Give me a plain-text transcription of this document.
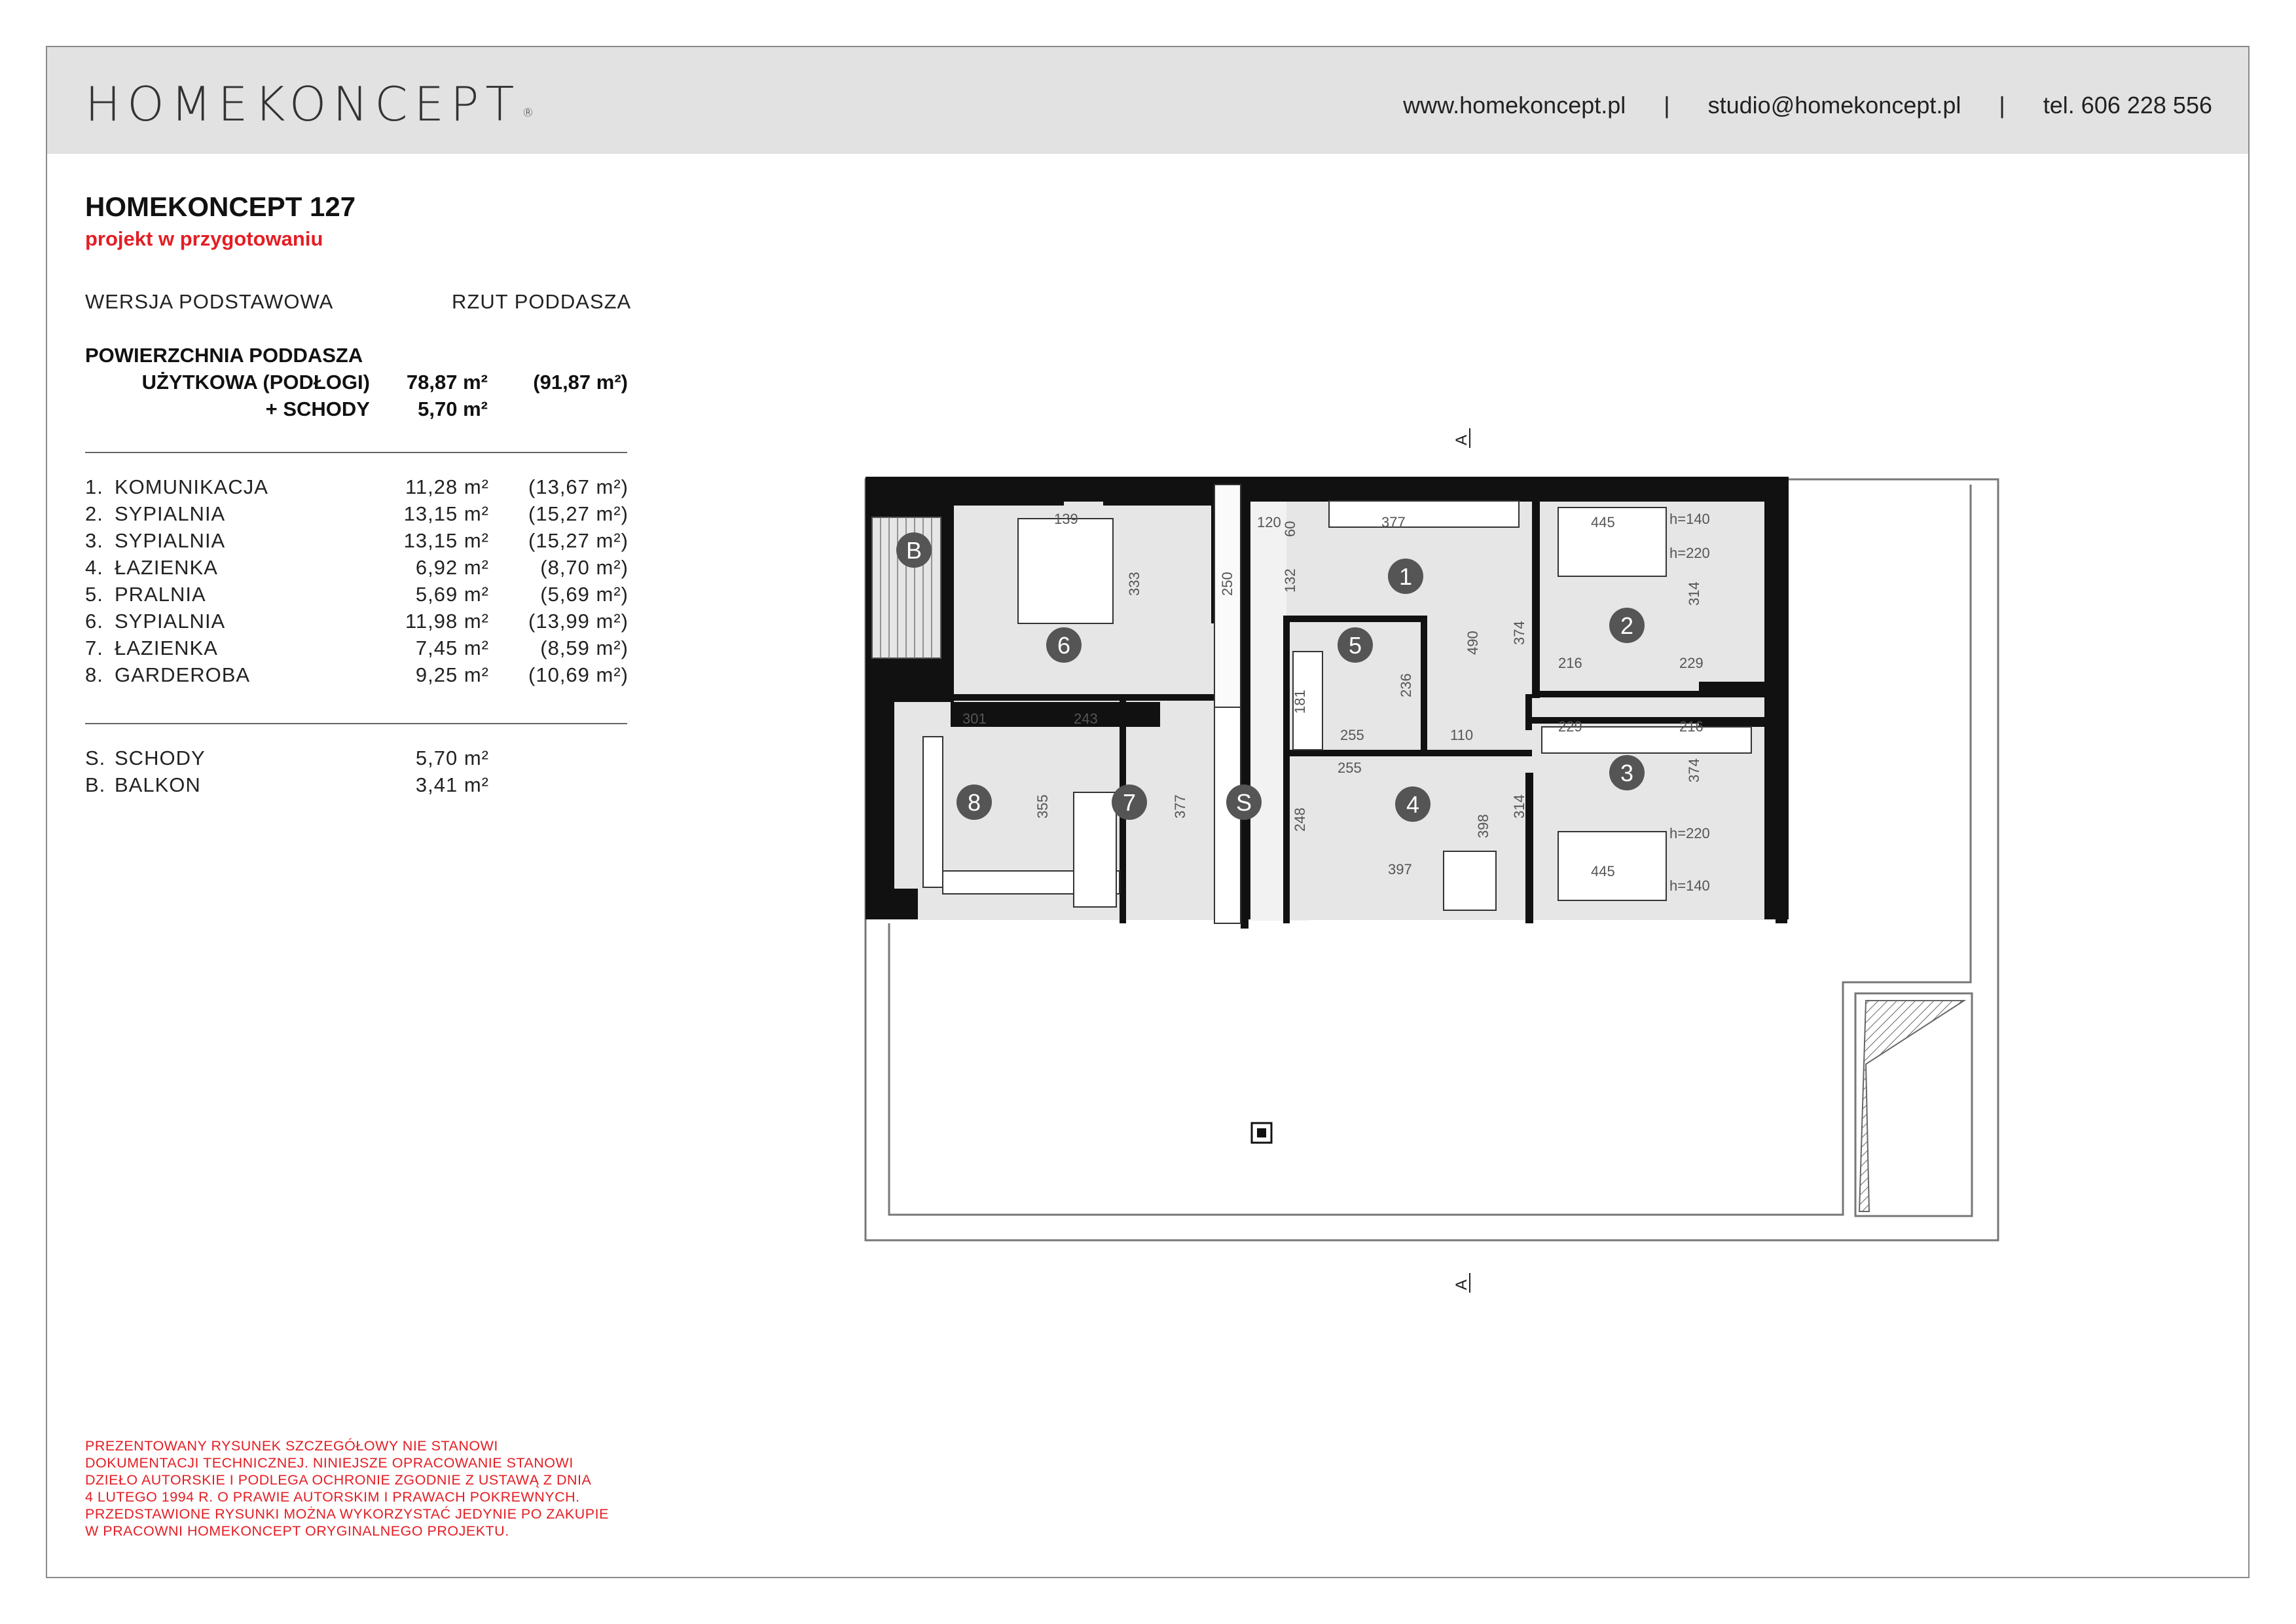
HOMEKONCEPT ®	www.homekoncept.pl | studio@homekoncept.pl | tel. 606 228 556
HOMEKONCEPT 127
projekt w przygotowaniu
WERSJA PODSTAWOWA	RZUT PODDASZA
POWIERZCHNIA PODDASZA
UŻYTKOWA (PODŁOGI) 78,87 m² (91,87 m²)
+ SCHODY 5,70 m²
1. KOMUNIKACJA	11,28 m² (13,67 m²)
2. SYPIALNIA	13,15 m² (15,27 m²)
3. SYPIALNIA	13,15 m² (15,27 m²)
4. ŁAZIENKA	6,92 m²	(8,70 m²)
5. PRALNIA	5,69 m²	(5,69 m²)
6. SYPIALNIA	11,98 m² (13,99 m²)
7. ŁAZIENKA	7,45 m²	(8,59 m²)
8. GARDEROBA	9,25 m² (10,69 m²)
S. SCHODY	5,70 m²
B. BALKON	3,41 m²
PREZENTOWANY RYSUNEK SZCZEGÓŁOWY NIE STANOWI
DOKUMENTACJI TECHNICZNEJ. NINIEJSZE OPRACOWANIE STANOWI
DZIEŁO AUTORSKIE I PODLEGA OCHRONIE ZGODNIE Z USTAWĄ Z DNIA
4 LUTEGO 1994 R. O PRAWIE AUTORSKIM I PRAWACH POKREWNYCH.
PRZEDSTAWIONE RYSUNKI MOŻNA WYKORZYSTAĆ JEDYNIE PO ZAKUPIE
W PRACOWNI HOMEKONCEPT ORYGINALNEGO PROJEKTU.
139
333
120	377
60
132
250
445	h=140
h=220
374
314
490
216	229
301	243
181
255
236
110
355
255
248
397
377
398
314
374
445
h=220
h=140
229	216
1
2
3
4
5
6
7
8	S
B
A
A
